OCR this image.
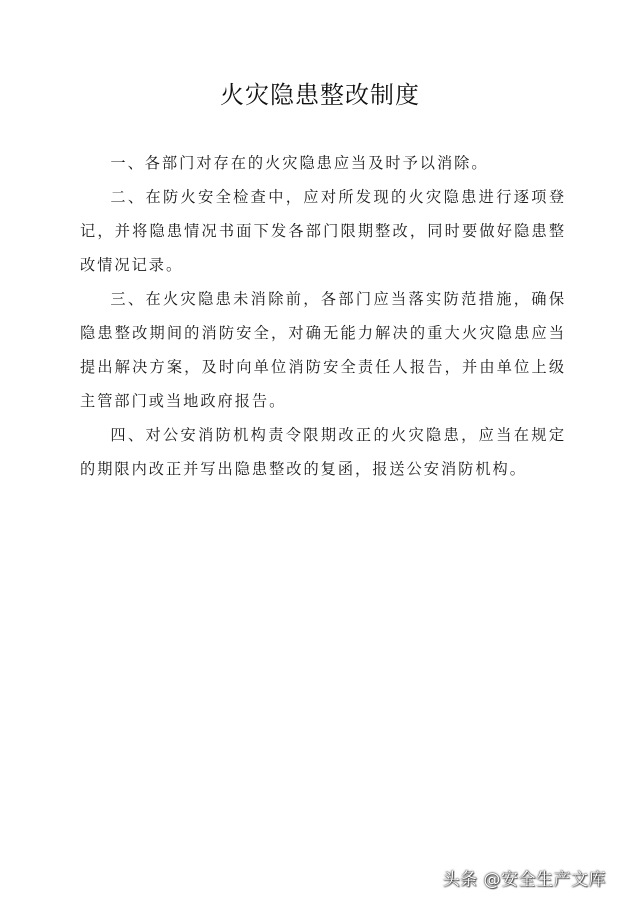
火灾隐患整改制度

一、各部门对存在的火灾隐患应当及时予以消除。

二、在防火安全检查中，应对所发现的火灾隐患进行逐项登记，并将隐患情况书面下发各部门限期整改，同时要做好隐患整改情况记录。

三、在火灾隐患未消除前，各部门应当落实防范措施，确保隐患整改期间的消防安全，对确无能力解决的重大火灾隐患应当提出解决方案，及时向单位消防安全责任人报告，并由单位上级主管部门或当地政府报告。

四、对公安消防机构责令限期改正的火灾隐患，应当在规定的期限内改正并写出隐患整改的复函，报送公安消防机构。

头条 @安全生产文库
